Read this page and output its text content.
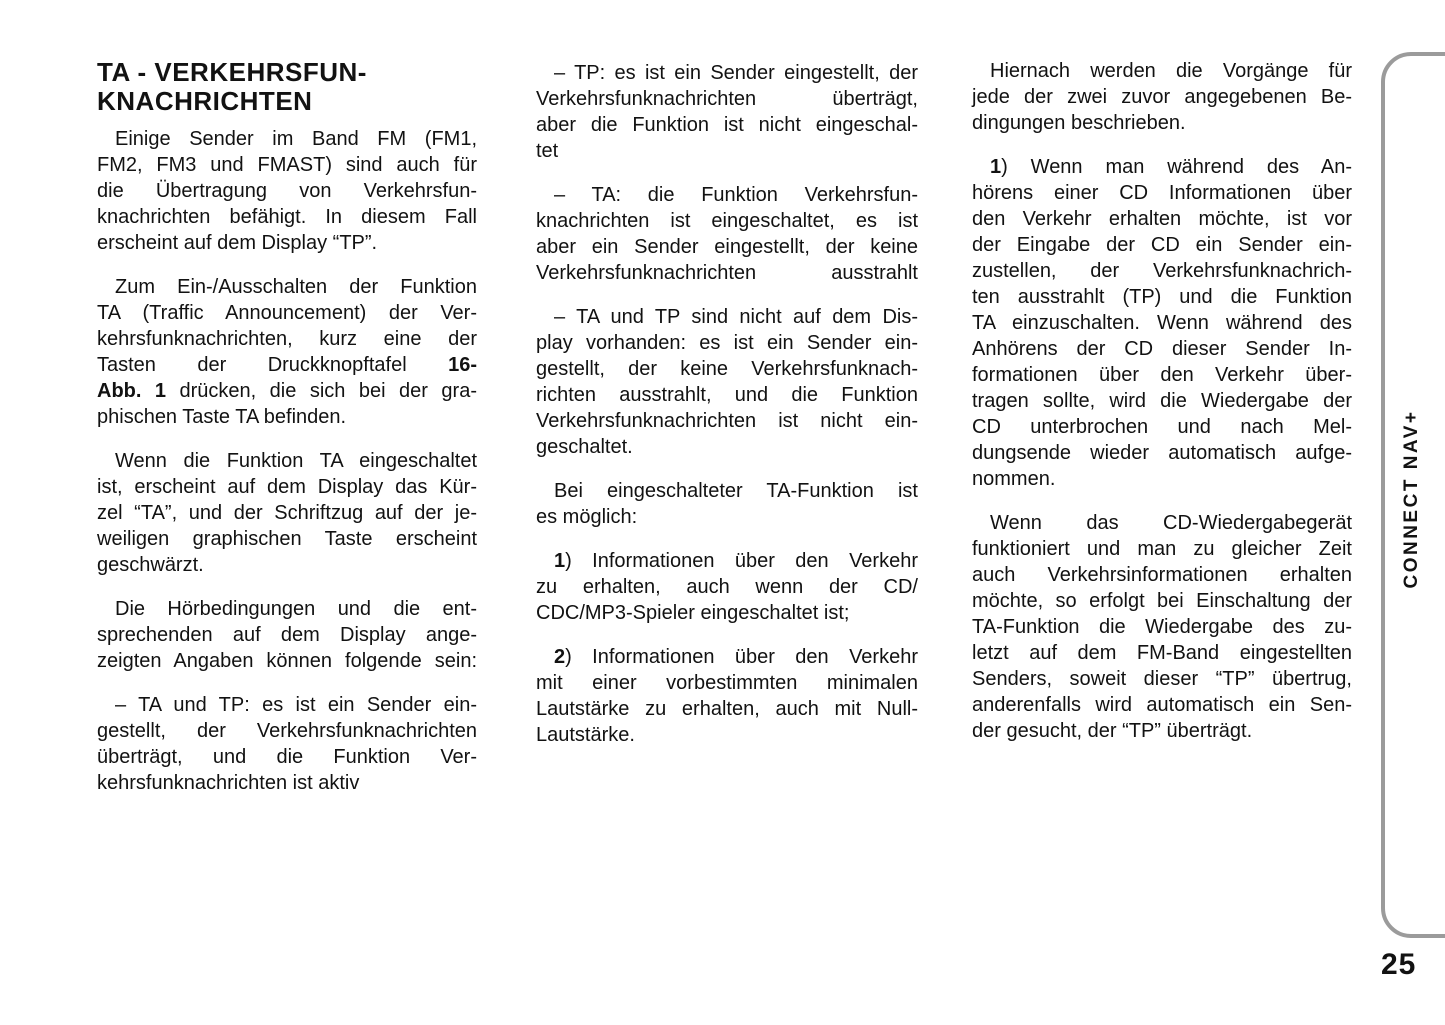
TA - VERKEHRSFUN-
KNACHRICHTEN
Einige Sender im Band FM (FM1,
FM2, FM3 und FMAST) sind auch für
die Übertragung von Verkehrsfun-
knachrichten befähigt. In diesem Fall
erscheint auf dem Display “TP”.
Zum Ein-/Ausschalten der Funktion
TA (Traffic Announcement) der Ver-
kehrsfunknachrichten, kurz eine der
Tasten der Druckknopftafel 16-
Abb. 1 drücken, die sich bei der gra-
phischen Taste TA befinden.
Wenn die Funktion TA eingeschaltet
ist, erscheint auf dem Display das Kür-
zel “TA”, und der Schriftzug auf der je-
weiligen graphischen Taste erscheint
geschwärzt.
Die Hörbedingungen und die ent-
sprechenden auf dem Display ange-
zeigten Angaben können folgende sein:
– TA und TP: es ist ein Sender ein-
gestellt, der Verkehrsfunknachrichten
überträgt, und die Funktion Ver-
kehrsfunknachrichten ist aktiv
– TP: es ist ein Sender eingestellt, der
Verkehrsfunknachrichten überträgt,
aber die Funktion ist nicht eingeschal-
tet
– TA: die Funktion Verkehrsfun-
knachrichten ist eingeschaltet, es ist
aber ein Sender eingestellt, der keine
Verkehrsfunknachrichten ausstrahlt
– TA und TP sind nicht auf dem Dis-
play vorhanden: es ist ein Sender ein-
gestellt, der keine Verkehrsfunknach-
richten ausstrahlt, und die Funktion
Verkehrsfunknachrichten ist nicht ein-
geschaltet.
Bei eingeschalteter TA-Funktion ist
es möglich:
1) Informationen über den Verkehr
zu erhalten, auch wenn der CD/
CDC/MP3-Spieler eingeschaltet ist;
2) Informationen über den Verkehr
mit einer vorbestimmten minimalen
Lautstärke zu erhalten, auch mit Null-
Lautstärke.
Hiernach werden die Vorgänge für
jede der zwei zuvor angegebenen Be-
dingungen beschrieben.
1) Wenn man während des An-
hörens einer CD Informationen über
den Verkehr erhalten möchte, ist vor
der Eingabe der CD ein Sender ein-
zustellen, der Verkehrsfunknachrich-
ten ausstrahlt (TP) und die Funktion
TA einzuschalten. Wenn während des
Anhörens der CD dieser Sender In-
formationen über den Verkehr über-
tragen sollte, wird die Wiedergabe der
CD unterbrochen und nach Mel-
dungsende wieder automatisch aufge-
nommen.
Wenn das CD-Wiedergabegerät
funktioniert und man zu gleicher Zeit
auch Verkehrsinformationen erhalten
möchte, so erfolgt bei Einschaltung der
TA-Funktion die Wiedergabe des zu-
letzt auf dem FM-Band eingestellten
Senders, soweit dieser “TP” übertrug,
anderenfalls wird automatisch ein Sen-
der gesucht, der “TP” überträgt.
CONNECT NAV+
25
